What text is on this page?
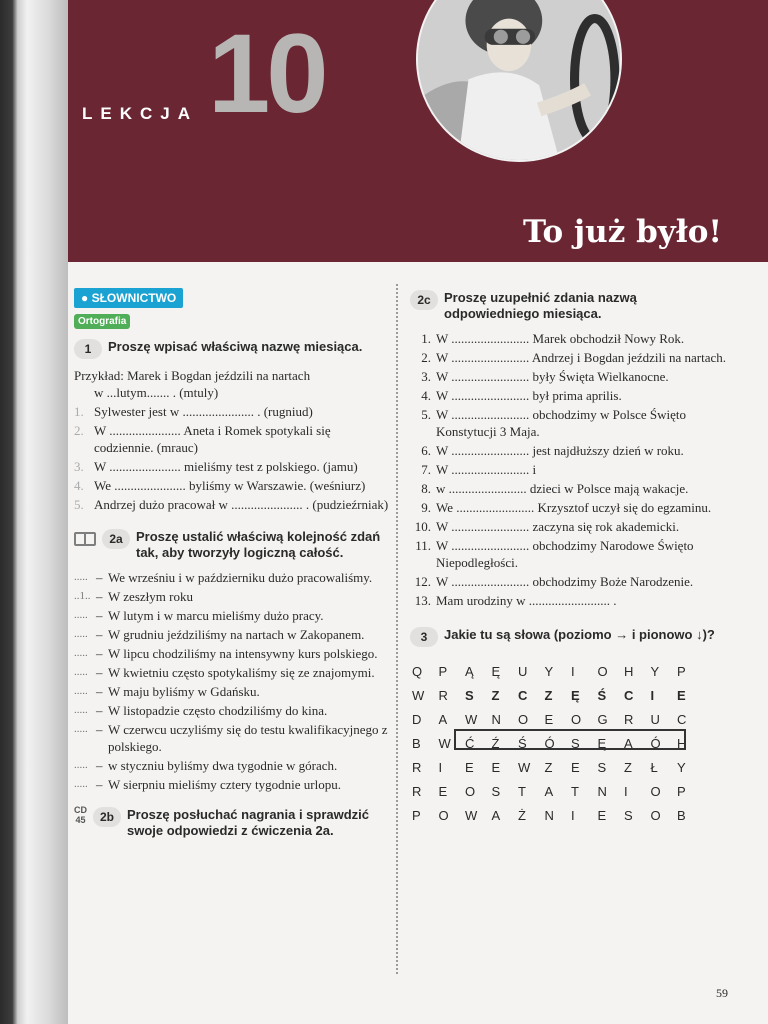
LEKCJA 10
To już było!
● SŁOWNICTWO
Ortografia
1	Proszę wpisać właściwą nazwę miesiąca.
Przykład: Marek i Bogdan jeździli na nartach
w ...lutym....... . (mtuly)
1. Sylwester jest w ...................... . (rugniud)
2. W ...................... Aneta i Romek spotykali się codziennie. (mrauc)
3. W ...................... mieliśmy test z polskiego. (jamu)
4. We ...................... byliśmy w Warszawie. (weśniurz)
5. Andrzej dużo pracował w ...................... . (pudzieźrniak)
2a	Proszę ustalić właściwą kolejność zdań tak, aby tworzyły logiczną całość.
..... – We wrześniu i w październiku dużo pracowaliśmy.
..1.. – W zeszłym roku
..... – W lutym i w marcu mieliśmy dużo pracy.
..... – W grudniu jeździliśmy na nartach w Zakopanem.
..... – W lipcu chodziliśmy na intensywny kurs polskiego.
..... – W kwietniu często spotykaliśmy się ze znajomymi.
..... – W maju byliśmy w Gdańsku.
..... – W listopadzie często chodziliśmy do kina.
..... – W czerwcu uczyliśmy się do testu kwalifikacyjnego z polskiego.
..... – w styczniu byliśmy dwa tygodnie w górach.
..... – W sierpniu mieliśmy cztery tygodnie urlopu.
CD
45	2b	Proszę posłuchać nagrania i sprawdzić swoje odpowiedzi z ćwiczenia 2a.
2c	Proszę uzupełnić zdania nazwą odpowiedniego miesiąca.
1. W ........................ Marek obchodził Nowy Rok.
2. W ........................ Andrzej i Bogdan jeździli na nartach.
3. W ........................ były Święta Wielkanocne.
4. W ........................ był prima aprilis.
5. W ........................ obchodzimy w Polsce Święto Konstytucji 3 Maja.
6. W ........................ jest najdłuższy dzień w roku.
7. W ........................ i
8. w ........................ dzieci w Polsce mają wakacje.
9. We ........................ Krzysztof uczył się do egzaminu.
10. W ........................ zaczyna się rok akademicki.
11. W ........................ obchodzimy Narodowe Święto Niepodległości.
12. W ........................ obchodzimy Boże Narodzenie.
13. Mam urodziny w ......................... .
3	Jakie tu są słowa (poziomo → i pionowo ↓)?
Q	P	Ą	Ę	U	Y	I	O	H	Y	P
W	R	S	Z	C	Z	Ę	Ś	C	I	E
D	A	W	N	O	E	O	G	R	U	C
B	W	Ć	Ź	Ś	Ó	S	Ę	A	Ó	H
R	I	E	E	W	Z	E	S	Z	Ł	Y
R	E	O	S	T	A	T	N	I	O	P
P	O	W	A	Ż	N	I	E	S	O	B
59
